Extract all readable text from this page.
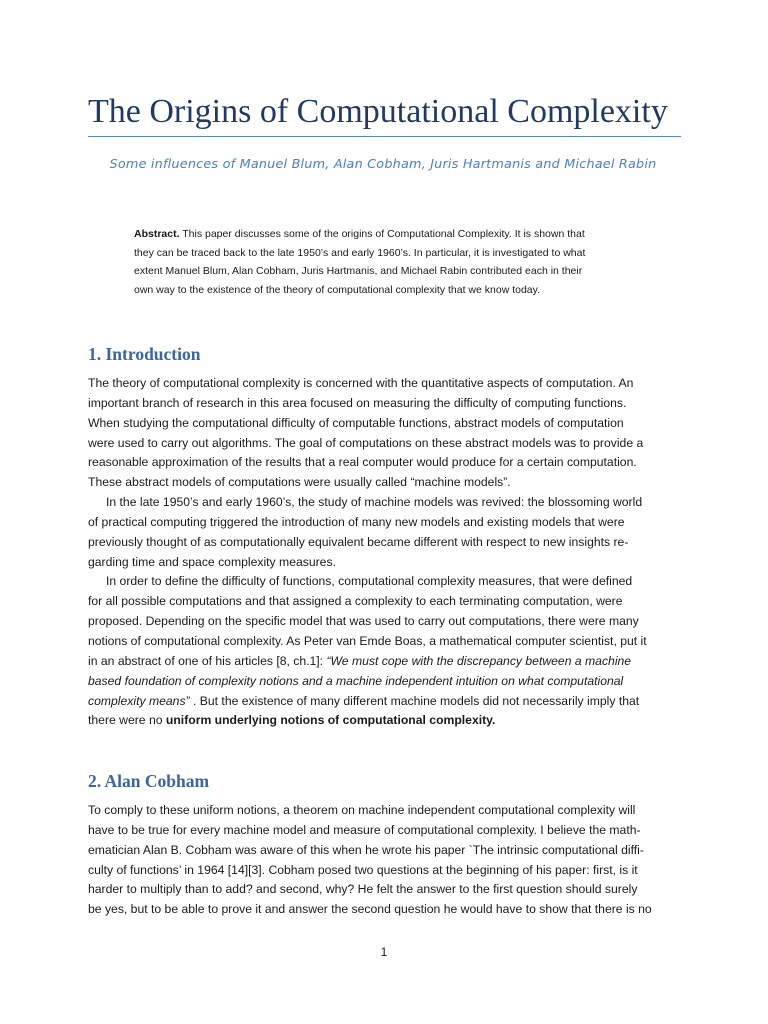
The Origins of Computational Complexity

Some influences of Manuel Blum, Alan Cobham, Juris Hartmanis and Michael Rabin

Abstract. This paper discusses some of the origins of Computational Complexity. It is shown that
they can be traced back to the late 1950’s and early 1960’s. In particular, it is investigated to what
extent Manuel Blum, Alan Cobham, Juris Hartmanis, and Michael Rabin contributed each in their
own way to the existence of the theory of computational complexity that we know today.
1. Introduction
The theory of computational complexity is concerned with the quantitative aspects of computation. An
important branch of research in this area focused on measuring the difficulty of computing functions.
When studying the computational difficulty of computable functions, abstract models of computation
were used to carry out algorithms. The goal of computations on these abstract models was to provide a
reasonable approximation of the results that a real computer would produce for a certain computation.
These abstract models of computations were usually called “machine models”.
In the late 1950’s and early 1960’s, the study of machine models was revived: the blossoming world
of practical computing triggered the introduction of many new models and existing models that were
previously thought of as computationally equivalent became different with respect to new insights re-
garding time and space complexity measures.
In order to define the difficulty of functions, computational complexity measures, that were defined
for all possible computations and that assigned a complexity to each terminating computation, were
proposed. Depending on the specific model that was used to carry out computations, there were many
notions of computational complexity. As Peter van Emde Boas, a mathematical computer scientist, put it
in an abstract of one of his articles [8, ch.1]: “We must cope with the discrepancy between a machine
based foundation of complexity notions and a machine independent intuition on what computational
complexity means” . But the existence of many different machine models did not necessarily imply that
there were no uniform underlying notions of computational complexity.
2. Alan Cobham
To comply to these uniform notions, a theorem on machine independent computational complexity will
have to be true for every machine model and measure of computational complexity. I believe the math-
ematician Alan B. Cobham was aware of this when he wrote his paper `The intrinsic computational diffi-
culty of functions’ in 1964 [14][3]. Cobham posed two questions at the beginning of his paper: first, is it
harder to multiply than to add? and second, why? He felt the answer to the first question should surely
be yes, but to be able to prove it and answer the second question he would have to show that there is no
1
